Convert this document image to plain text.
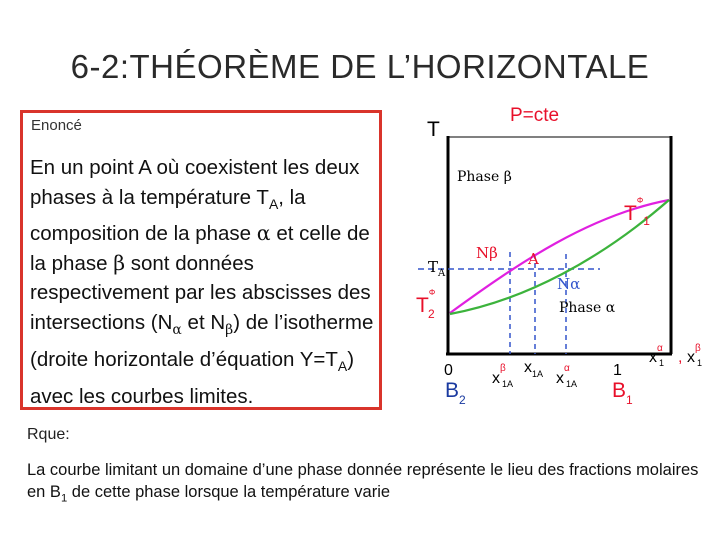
6-2:THÉORÈME DE L’HORIZONTALE
Enoncé
En un point A où coexistent les deux phases à la température $T_A$, la composition de la phase α et celle de la phase β sont données respectivement par les abscisses des intersections ($N_\alpha$ et $N_\beta$) de l’isotherme (droite horizontale d’équation $Y=T_A$) avec les courbes limites.
P=cte
T
Phase β
Phase α
$T^\Phi_1$
$T_A$
$T^\Phi$ 2
Nβ A
Nα
0	1
$B_2$	$B_1$
$x^\beta$ 1A
$x_{1A}$ $x^\alpha$ 1A
$x^\alpha$ 1 , $x^\beta$ 1
Rque:
La courbe limitant un domaine d’une phase donnée représente le lieu des fractions molaires en $B_1$ de cette phase lorsque la température varie
